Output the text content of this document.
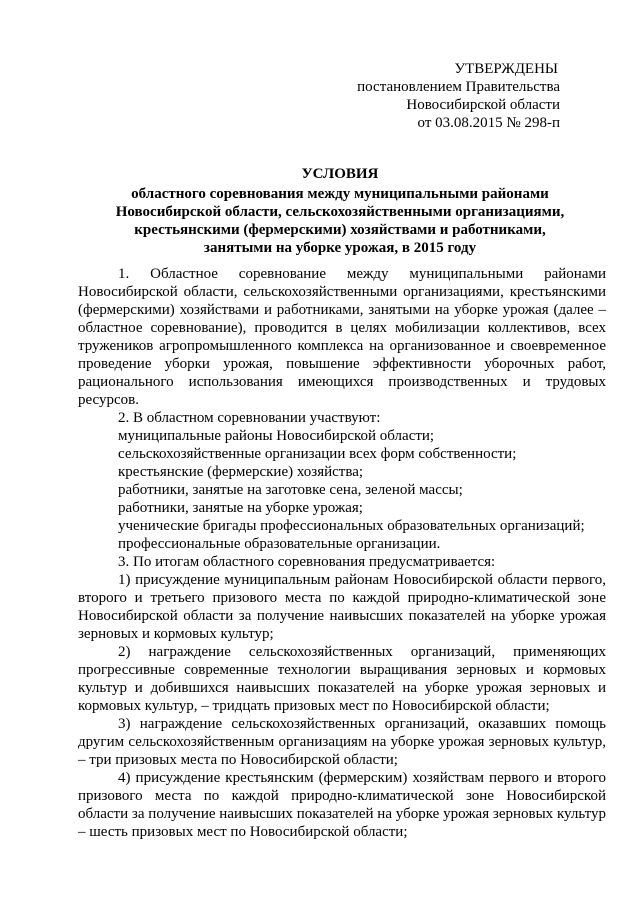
УТВЕРЖДЕНЫ
постановлением Правительства
Новосибирской области
от 03.08.2015 № 298-п
УСЛОВИЯ
областного соревнования между муниципальными районами
Новосибирской области, сельскохозяйственными организациями,
крестьянскими (фермерскими) хозяйствами и работниками,
занятыми на уборке урожая, в 2015 году
1. Областное соревнование между муниципальными районами Новосибирской области, сельскохозяйственными организациями, крестьянскими (фермерскими) хозяйствами и работниками, занятыми на уборке урожая (далее – областное соревнование), проводится в целях мобилизации коллективов, всех тружеников агропромышленного комплекса на организованное и своевременное проведение уборки урожая, повышение эффективности уборочных работ, рационального использования имеющихся производственных и трудовых ресурсов.
2. В областном соревновании участвуют:
муниципальные районы Новосибирской области;
сельскохозяйственные организации всех форм собственности;
крестьянские (фермерские) хозяйства;
работники, занятые на заготовке сена, зеленой массы;
работники, занятые на уборке урожая;
ученические бригады профессиональных образовательных организаций;
профессиональные образовательные организации.
3. По итогам областного соревнования предусматривается:
1) присуждение муниципальным районам Новосибирской области первого, второго и третьего призового места по каждой природно-климатической зоне Новосибирской области за получение наивысших показателей на уборке урожая зерновых и кормовых культур;
2) награждение сельскохозяйственных организаций, применяющих прогрессивные современные технологии выращивания зерновых и кормовых культур и добившихся наивысших показателей на уборке урожая зерновых и кормовых культур, – тридцать призовых мест по Новосибирской области;
3) награждение сельскохозяйственных организаций, оказавших помощь другим сельскохозяйственным организациям на уборке урожая зерновых культур, – три призовых места по Новосибирской области;
4) присуждение крестьянским (фермерским) хозяйствам первого и второго призового места по каждой природно-климатической зоне Новосибирской области за получение наивысших показателей на уборке урожая зерновых культур – шесть призовых мест по Новосибирской области;
